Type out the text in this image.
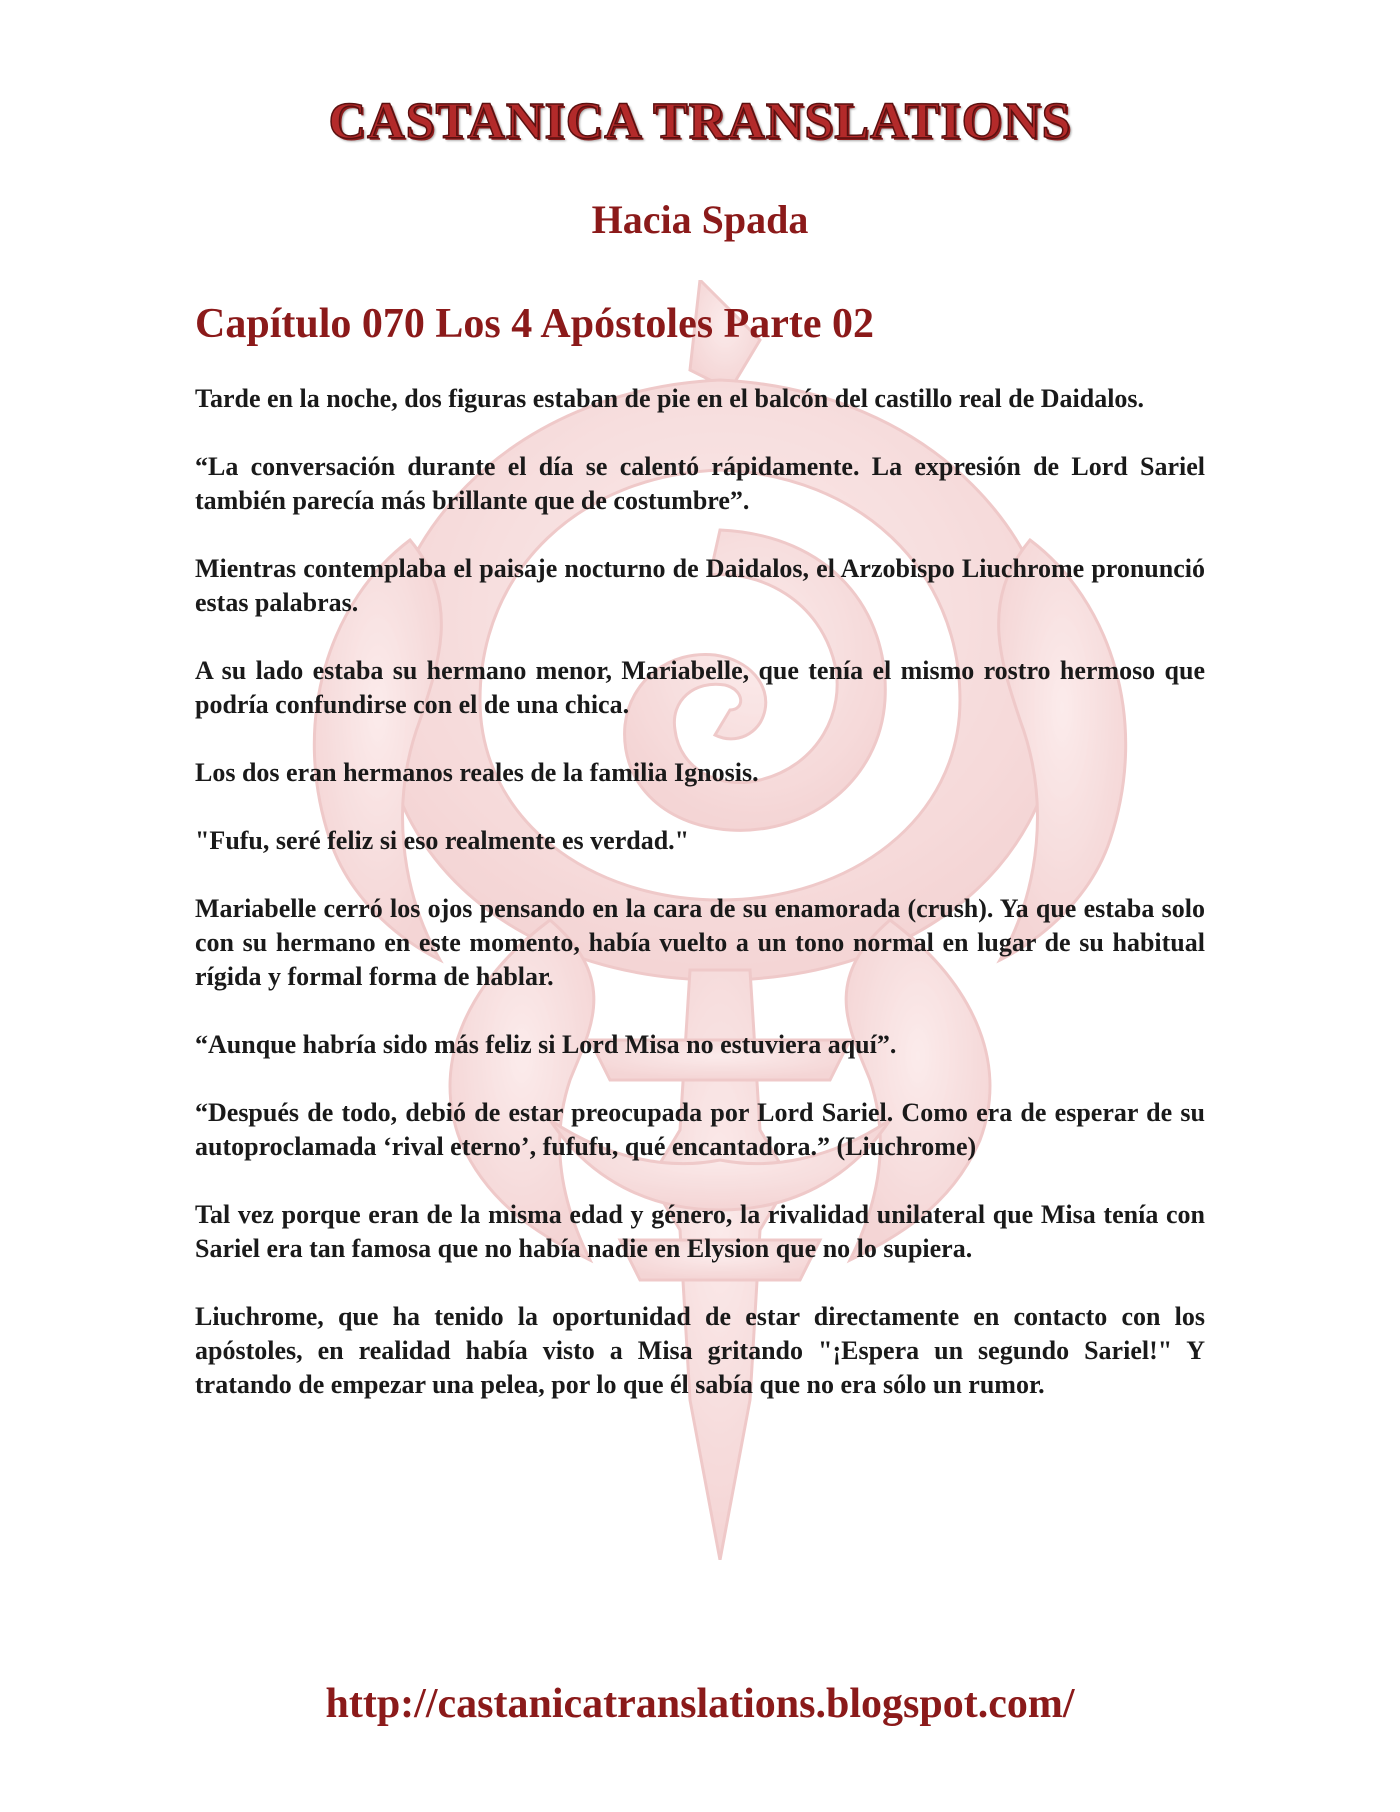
CASTANICA TRANSLATIONS
Hacia Spada
Capítulo 070 Los 4 Apóstoles Parte 02

Tarde en la noche, dos figuras estaban de pie en el balcón del castillo real de Daidalos.

“La conversación durante el día se calentó rápidamente. La expresión de Lord Sariel también parecía más brillante que de costumbre”.

Mientras contemplaba el paisaje nocturno de Daidalos, el Arzobispo Liuchrome pronunció estas palabras.

A su lado estaba su hermano menor, Mariabelle, que tenía el mismo rostro hermoso que podría confundirse con el de una chica.

Los dos eran hermanos reales de la familia Ignosis.

"Fufu, seré feliz si eso realmente es verdad."

Mariabelle cerró los ojos pensando en la cara de su enamorada (crush). Ya que estaba solo con su hermano en este momento, había vuelto a un tono normal en lugar de su habitual rígida y formal forma de hablar.

“Aunque habría sido más feliz si Lord Misa no estuviera aquí”.

“Después de todo, debió de estar preocupada por Lord Sariel. Como era de esperar de su autoproclamada ‘rival eterno’, fufufu, qué encantadora.” (Liuchrome)

Tal vez porque eran de la misma edad y género, la rivalidad unilateral que Misa tenía con Sariel era tan famosa que no había nadie en Elysion que no lo supiera.

Liuchrome, que ha tenido la oportunidad de estar directamente en contacto con los apóstoles, en realidad había visto a Misa gritando "¡Espera un segundo Sariel!" Y tratando de empezar una pelea, por lo que él sabía que no era sólo un rumor.

http://castanicatranslations.blogspot.com/
